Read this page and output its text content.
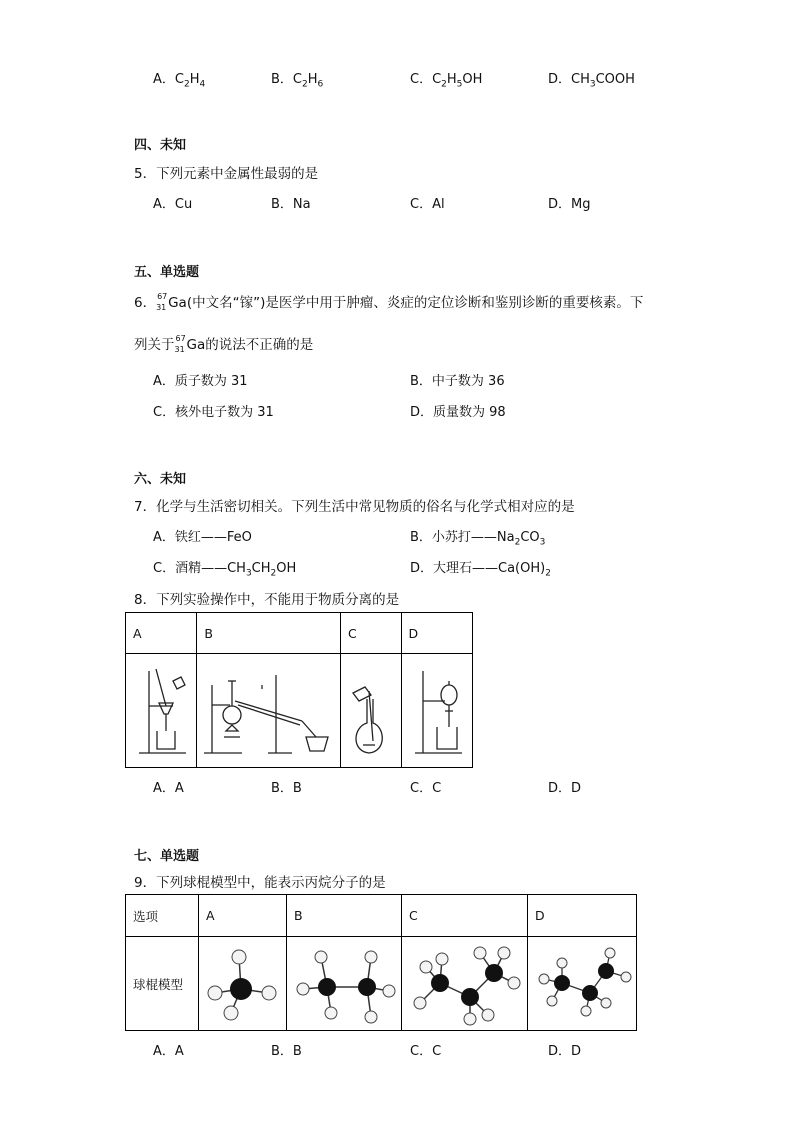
A．$C_2H_4$	B．$C_2H_6$	C．$C_2H_5OH$	D．$CH_3COOH$
四、未知
5．下列元素中金属性最弱的是
A．Cu	B．Na	C．Al	D．Mg
五、单选题
6． 67
31 Ga(中文名“镓”)是医学中用于肿瘤、炎症的定位诊断和鉴别诊断的重要核素。下
列关于 67
31 Ga的说法不正确的是
A．质子数为 31	B．中子数为 36
C．核外电子数为 31	D．质量数为 98
六、未知
7．化学与生活密切相关。下列生活中常见物质的俗名与化学式相对应的是
A．铁红——FeO	B．小苏打$——Na_2CO_3$
C．酒精$——CH_3CH_2OH$	D．大理石$——Ca(OH)_2$
8．下列实验操作中，不能用于物质分离的是
A	B	C	D

A．A	B．B	C．C	D．D
七、单选题
9．下列球棍模型中，能表示丙烷分子的是
选项	A	B	C	D
球棍模型	

A．A	B．B	C．C	D．D
